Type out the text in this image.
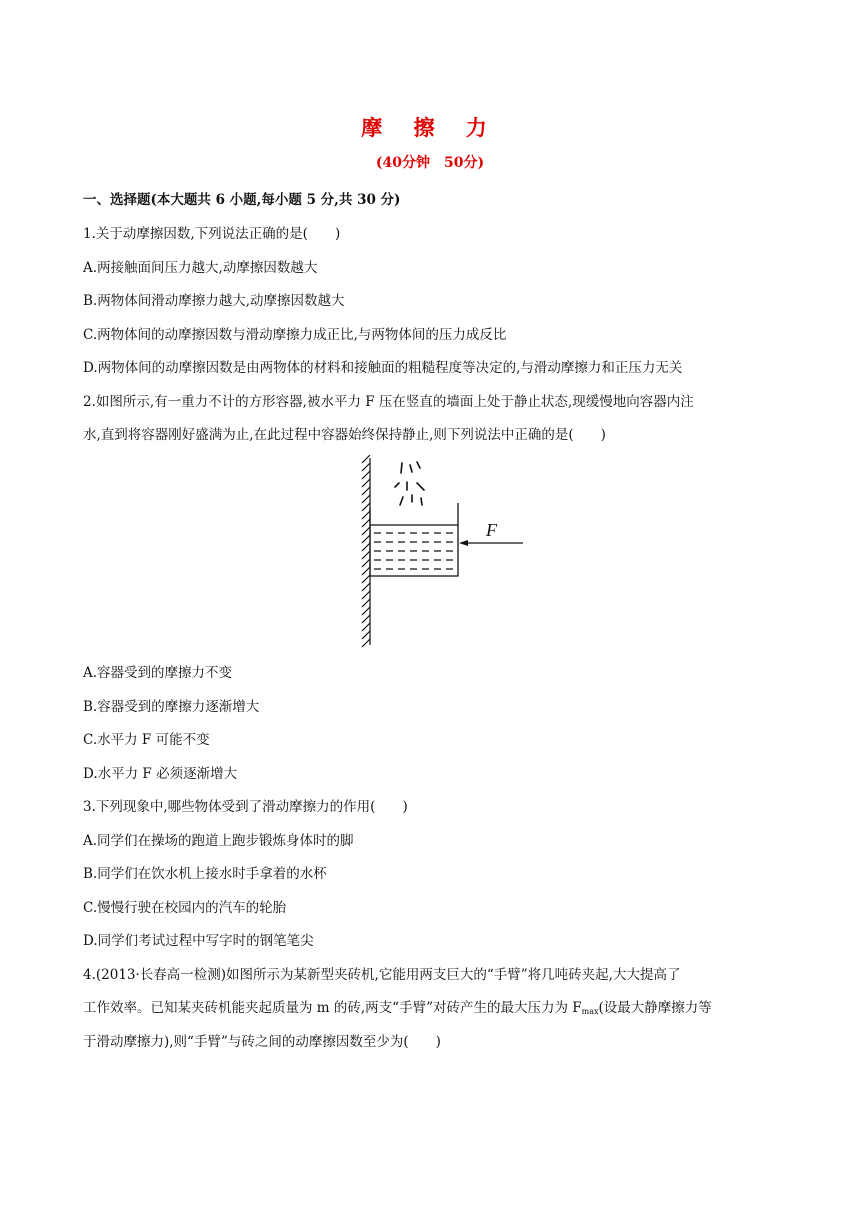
摩 擦 力
(40分钟　50分)
一、选择题(本大题共 6 小题,每小题 5 分,共 30 分)
1.关于动摩擦因数,下列说法正确的是(　　)
A.两接触面间压力越大,动摩擦因数越大
B.两物体间滑动摩擦力越大,动摩擦因数越大
C.两物体间的动摩擦因数与滑动摩擦力成正比,与两物体间的压力成反比
D.两物体间的动摩擦因数是由两物体的材料和接触面的粗糙程度等决定的,与滑动摩擦力和正压力无关
2.如图所示,有一重力不计的方形容器,被水平力 F 压在竖直的墙面上处于静止状态,现缓慢地向容器内注
水,直到将容器刚好盛满为止,在此过程中容器始终保持静止,则下列说法中正确的是(　　)
F
A.容器受到的摩擦力不变
B.容器受到的摩擦力逐渐增大
C.水平力 F 可能不变
D.水平力 F 必须逐渐增大
3.下列现象中,哪些物体受到了滑动摩擦力的作用(　　)
A.同学们在操场的跑道上跑步锻炼身体时的脚
B.同学们在饮水机上接水时手拿着的水杯
C.慢慢行驶在校园内的汽车的轮胎
D.同学们考试过程中写字时的钢笔笔尖
4.(2013·长春高一检测)如图所示为某新型夹砖机,它能用两支巨大的“手臂”将几吨砖夹起,大大提高了
工作效率。已知某夹砖机能夹起质量为 m 的砖,两支“手臂”对砖产生的最大压力为 $F_{max}$(设最大静摩擦力等
于滑动摩擦力),则“手臂”与砖之间的动摩擦因数至少为(　　)
